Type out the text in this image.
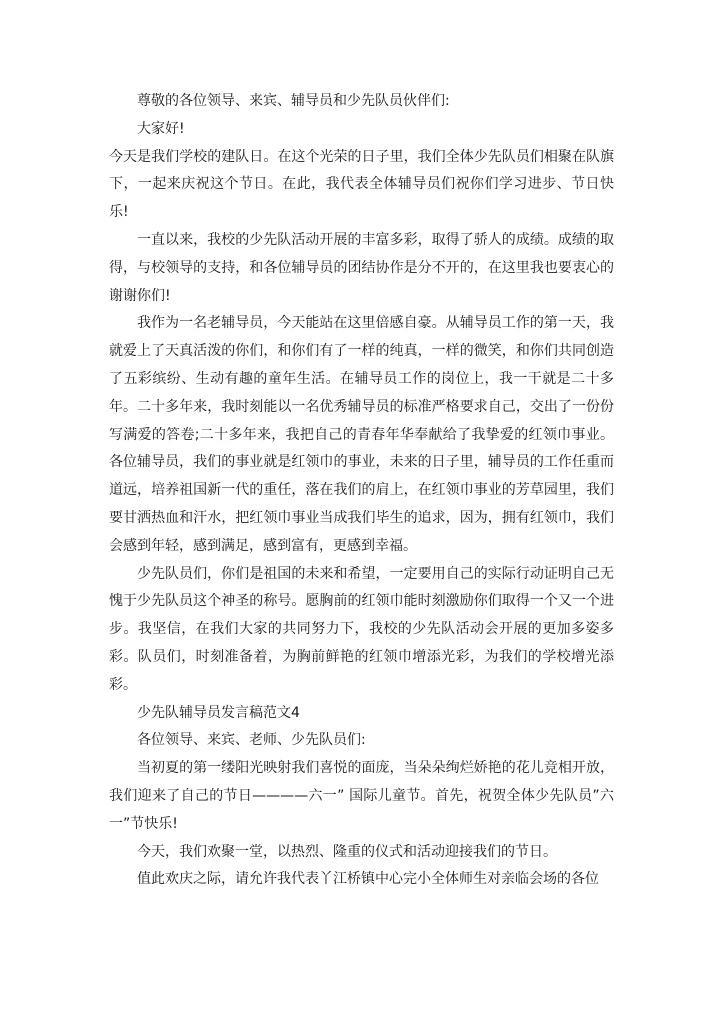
尊敬的各位领导、来宾、辅导员和少先队员伙伴们:

大家好!

今天是我们学校的建队日。在这个光荣的日子里，我们全体少先队员们相聚在队旗下，一起来庆祝这个节日。在此，我代表全体辅导员们祝你们学习进步、节日快乐!

一直以来，我校的少先队活动开展的丰富多彩，取得了骄人的成绩。成绩的取得，与校领导的支持，和各位辅导员的团结协作是分不开的，在这里我也要衷心的谢谢你们!

我作为一名老辅导员，今天能站在这里倍感自豪。从辅导员工作的第一天，我就爱上了天真活泼的你们，和你们有了一样的纯真，一样的微笑，和你们共同创造了五彩缤纷、生动有趣的童年生活。在辅导员工作的岗位上，我一干就是二十多年。二十多年来，我时刻能以一名优秀辅导员的标准严格要求自己，交出了一份份写满爱的答卷;二十多年来，我把自己的青春年华奉献给了我挚爱的红领巾事业。各位辅导员，我们的事业就是红领巾的事业，未来的日子里，辅导员的工作任重而道远，培养祖国新一代的重任，落在我们的肩上，在红领巾事业的芳草园里，我们要甘洒热血和汗水，把红领巾事业当成我们毕生的追求，因为，拥有红领巾，我们会感到年轻，感到满足，感到富有，更感到幸福。

少先队员们，你们是祖国的未来和希望，一定要用自己的实际行动证明自己无愧于少先队员这个神圣的称号。愿胸前的红领巾能时刻激励你们取得一个又一个进步。我坚信，在我们大家的共同努力下，我校的少先队活动会开展的更加多姿多彩。队员们，时刻准备着，为胸前鲜艳的红领巾增添光彩，为我们的学校增光添彩。

少先队辅导员发言稿范文4

各位领导、来宾、老师、少先队员们:

当初夏的第一缕阳光映射我们喜悦的面庞，当朵朵绚烂娇艳的花儿竞相开放，我们迎来了自己的节日————六一” 国际儿童节。首先，祝贺全体少先队员”六一”节快乐!

今天，我们欢聚一堂，以热烈、隆重的仪式和活动迎接我们的节日。

值此欢庆之际，请允许我代表丫江桥镇中心完小全体师生对亲临会场的各位
